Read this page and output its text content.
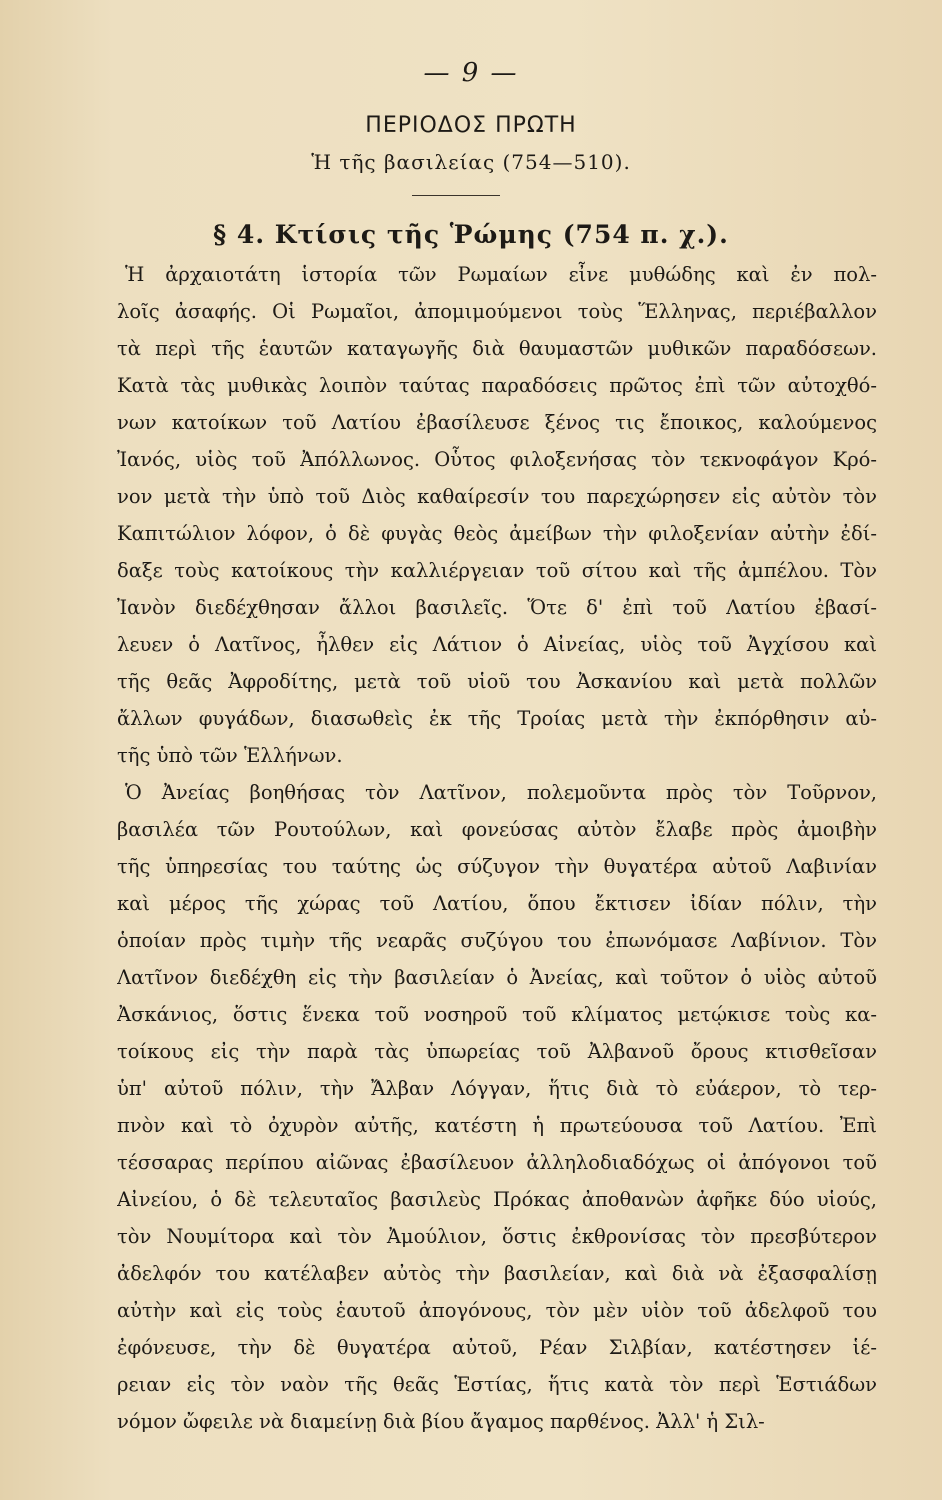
— 9 —
ΠΕΡΙΟΔΟΣ ΠΡΩΤΗ
Ἡ τῆς βασιλείας (754—510).
§ 4. Κτίσις τῆς Ῥώμης (754 π. χ.).
Ἡ ἀρχαιοτάτη ἱστορία τῶν Ρωμαίων εἶνε μυθώδης καὶ ἐν πολ-
λοῖς ἀσαφής. Οἱ Ρωμαῖοι, ἀπομιμούμενοι τοὺς Ἕλληνας, περιέβαλλον
τὰ περὶ τῆς ἑαυτῶν καταγωγῆς διὰ θαυμαστῶν μυθικῶν παραδόσεων.
Κατὰ τὰς μυθικὰς λοιπὸν ταύτας παραδόσεις πρῶτος ἐπὶ τῶν αὐτοχθό-
νων κατοίκων τοῦ Λατίου ἐβασίλευσε ξένος τις ἔποικος, καλούμενος
Ἰανός, υἱὸς τοῦ Ἀπόλλωνος. Οὗτος φιλοξενήσας τὸν τεκνοφάγον Κρό-
νον μετὰ τὴν ὑπὸ τοῦ Διὸς καθαίρεσίν του παρεχώρησεν εἰς αὐτὸν τὸν
Καπιτώλιον λόφον, ὁ δὲ φυγὰς θεὸς ἀμείβων τὴν φιλοξενίαν αὐτὴν ἐδί-
δαξε τοὺς κατοίκους τὴν καλλιέργειαν τοῦ σίτου καὶ τῆς ἀμπέλου. Τὸν
Ἰανὸν διεδέχθησαν ἄλλοι βασιλεῖς. Ὅτε δ' ἐπὶ τοῦ Λατίου ἐβασί-
λευεν ὁ Λατῖνος, ἦλθεν εἰς Λάτιον ὁ Αἰνείας, υἱὸς τοῦ Ἀγχίσου καὶ
τῆς θεᾶς Ἀφροδίτης, μετὰ τοῦ υἱοῦ του Ἀσκανίου καὶ μετὰ πολλῶν
ἄλλων φυγάδων, διασωθεὶς ἐκ τῆς Τροίας μετὰ τὴν ἐκπόρθησιν αὐ-
τῆς ὑπὸ τῶν Ἑλλήνων.
Ὁ Ἀνείας βοηθήσας τὸν Λατῖνον, πολεμοῦντα πρὸς τὸν Τοῦρνον,
βασιλέα τῶν Ρουτούλων, καὶ φονεύσας αὐτὸν ἔλαβε πρὸς ἀμοιβὴν
τῆς ὑπηρεσίας του ταύτης ὡς σύζυγον τὴν θυγατέρα αὐτοῦ Λαβινίαν
καὶ μέρος τῆς χώρας τοῦ Λατίου, ὅπου ἔκτισεν ἰδίαν πόλιν, τὴν
ὁποίαν πρὸς τιμὴν τῆς νεαρᾶς συζύγου του ἐπωνόμασε Λαβίνιον. Τὸν
Λατῖνον διεδέχθη εἰς τὴν βασιλείαν ὁ Ἀνείας, καὶ τοῦτον ὁ υἱὸς αὐτοῦ
Ἀσκάνιος, ὅστις ἕνεκα τοῦ νοσηροῦ τοῦ κλίματος μετῴκισε τοὺς κα-
τοίκους εἰς τὴν παρὰ τὰς ὑπωρείας τοῦ Ἀλβανοῦ ὄρους κτισθεῖσαν
ὑπ' αὐτοῦ πόλιν, τὴν Ἄλβαν Λόγγαν, ἥτις διὰ τὸ εὐάερον, τὸ τερ-
πνὸν καὶ τὸ ὀχυρὸν αὐτῆς, κατέστη ἡ πρωτεύουσα τοῦ Λατίου. Ἐπὶ
τέσσαρας περίπου αἰῶνας ἐβασίλευον ἀλληλοδιαδόχως οἱ ἀπόγονοι τοῦ
Αἰνείου, ὁ δὲ τελευταῖος βασιλεὺς Πρόκας ἀποθανὼν ἀφῆκε δύο υἱούς,
τὸν Νουμίτορα καὶ τὸν Ἀμούλιον, ὅστις ἐκθρονίσας τὸν πρεσβύτερον
ἀδελφόν του κατέλαβεν αὐτὸς τὴν βασιλείαν, καὶ διὰ νὰ ἐξασφαλίσῃ
αὐτὴν καὶ εἰς τοὺς ἑαυτοῦ ἀπογόνους, τὸν μὲν υἱὸν τοῦ ἀδελφοῦ του
ἐφόνευσε, τὴν δὲ θυγατέρα αὐτοῦ, Ρέαν Σιλβίαν, κατέστησεν ἱέ-
ρειαν εἰς τὸν ναὸν τῆς θεᾶς Ἑστίας, ἥτις κατὰ τὸν περὶ Ἑστιάδων
νόμον ὤφειλε νὰ διαμείνῃ διὰ βίου ἄγαμος παρθένος. Ἀλλ' ἡ Σιλ-
